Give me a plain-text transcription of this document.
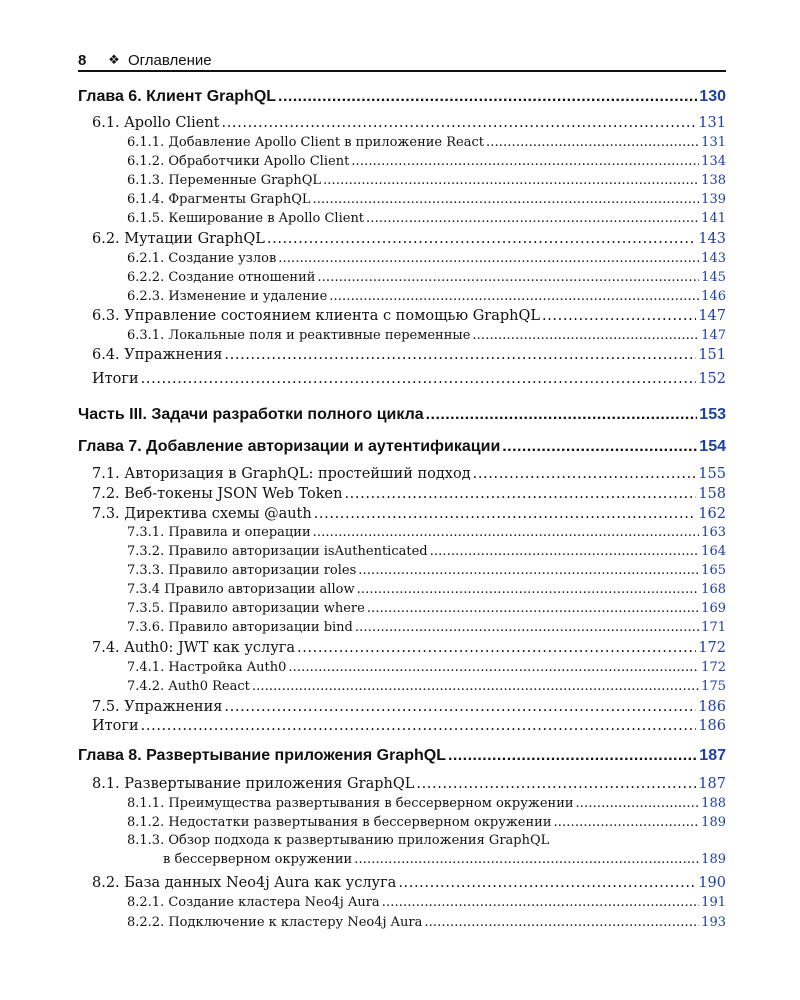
8	❖ Оглавление
Глава 6. Клиент GraphQL . . .	130
6.1. Apollo Client . . .	131
6.1.1. Добавление Apollo Client в приложение React . . .	131
6.1.2. Обработчики Apollo Client . . .	134
6.1.3. Переменные GraphQL . . .	138
6.1.4. Фрагменты GraphQL . . .	139
6.1.5. Кеширование в Apollo Client . . .	141
6.2. Мутации GraphQL . . .	143
6.2.1. Создание узлов . . .	143
6.2.2. Создание отношений . . .	145
6.2.3. Изменение и удаление . . .	146
6.3. Управление состоянием клиента с помощью GraphQL . . .	147
6.3.1. Локальные поля и реактивные переменные . . .	147
6.4. Упражнения . . .	151
Итоги . . .	152
Часть III. Задачи разработки полного цикла . . .	153
Глава 7. Добавление авторизации и аутентификации . . .	154
7.1. Авторизация в GraphQL: простейший подход . . .	155
7.2. Веб-токены JSON Web Token . . .	158
7.3. Директива схемы @auth . . .	162
7.3.1. Правила и операции . . .	163
7.3.2. Правило авторизации isAuthenticated . . .	164
7.3.3. Правило авторизации roles . . .	165
7.3.4 Правило авторизации allow . . .	168
7.3.5. Правило авторизации where . . .	169
7.3.6. Правило авторизации bind . . .	171
7.4. Auth0: JWT как услуга . . .	172
7.4.1. Настройка Auth0 . . .	172
7.4.2. Auth0 React . . .	175
7.5. Упражнения . . .	186
Итоги . . .	186
Глава 8. Развертывание приложения GraphQL . . .	187
8.1. Развертывание приложения GraphQL . . .	187
8.1.1. Преимущества развертывания в бессерверном окружении . . .	188
8.1.2. Недостатки развертывания в бессерверном окружении . . .	189
8.1.3. Обзор подхода к развертыванию приложения GraphQL
в бессерверном окружении . . .	189
8.2. База данных Neo4j Aura как услуга . . .	190
8.2.1. Создание кластера Neo4j Aura . . .	191
8.2.2. Подключение к кластеру Neo4j Aura . . .	193
